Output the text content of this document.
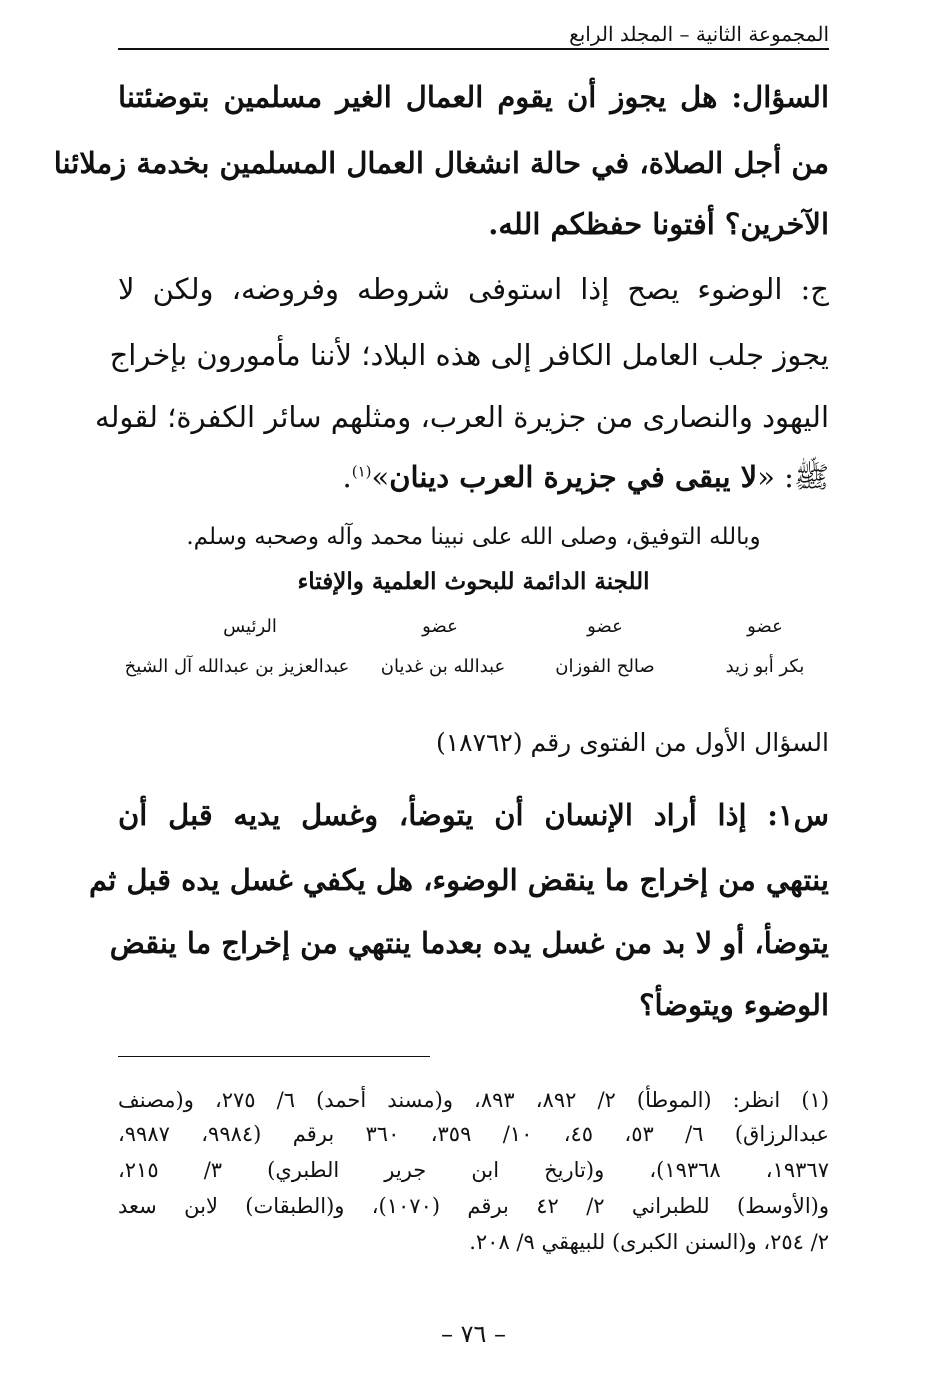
المجموعة الثانية – المجلد الرابع
السؤال: هل يجوز أن يقوم العمال الغير مسلمين بتوضئتنا
من أجل الصلاة، في حالة انشغال العمال المسلمين بخدمة زملائنا
الآخرين؟ أفتونا حفظكم الله.
ج: الوضوء يصح إذا استوفى شروطه وفروضه، ولكن لا
يجوز جلب العامل الكافر إلى هذه البلاد؛ لأننا مأمورون بإخراج
اليهود والنصارى من جزيرة العرب، ومثلهم سائر الكفرة؛ لقوله
ﷺ: «لا يبقى في جزيرة العرب دينان»$^{(١)}$.
وبالله التوفيق، وصلى الله على نبينا محمد وآله وصحبه وسلم.
اللجنة الدائمة للبحوث العلمية والإفتاء
عضو
بكر أبو زيد
عضو
صالح الفوزان
عضو
عبدالله بن غديان
الرئيس
عبدالعزيز بن عبدالله آل الشيخ
السؤال الأول من الفتوى رقم (١٨٧٦٢)
س١: إذا أراد الإنسان أن يتوضأ، وغسل يديه قبل أن
ينتهي من إخراج ما ينقض الوضوء، هل يكفي غسل يده قبل ثم
يتوضأ، أو لا بد من غسل يده بعدما ينتهي من إخراج ما ينقض
الوضوء ويتوضأ؟
(١) انظر: (الموطأ) ٢/ ٨٩٢، ٨٩٣، و(مسند أحمد) ٦/ ٢٧٥، و(مصنف
عبدالرزاق) ٦/ ٥٣، ٤٥، ١٠/ ٣٥٩، ٣٦٠ برقم (٩٩٨٤، ٩٩٨٧،
١٩٣٦٧، ١٩٣٦٨)، و(تاريخ ابن جرير الطبري) ٣/ ٢١٥،
و(الأوسط) للطبراني ٢/ ٤٢ برقم (١٠٧٠)، و(الطبقات) لابن سعد
٢/ ٢٥٤، و(السنن الكبرى) للبيهقي ٩/ ٢٠٨.
– ٧٦ –
